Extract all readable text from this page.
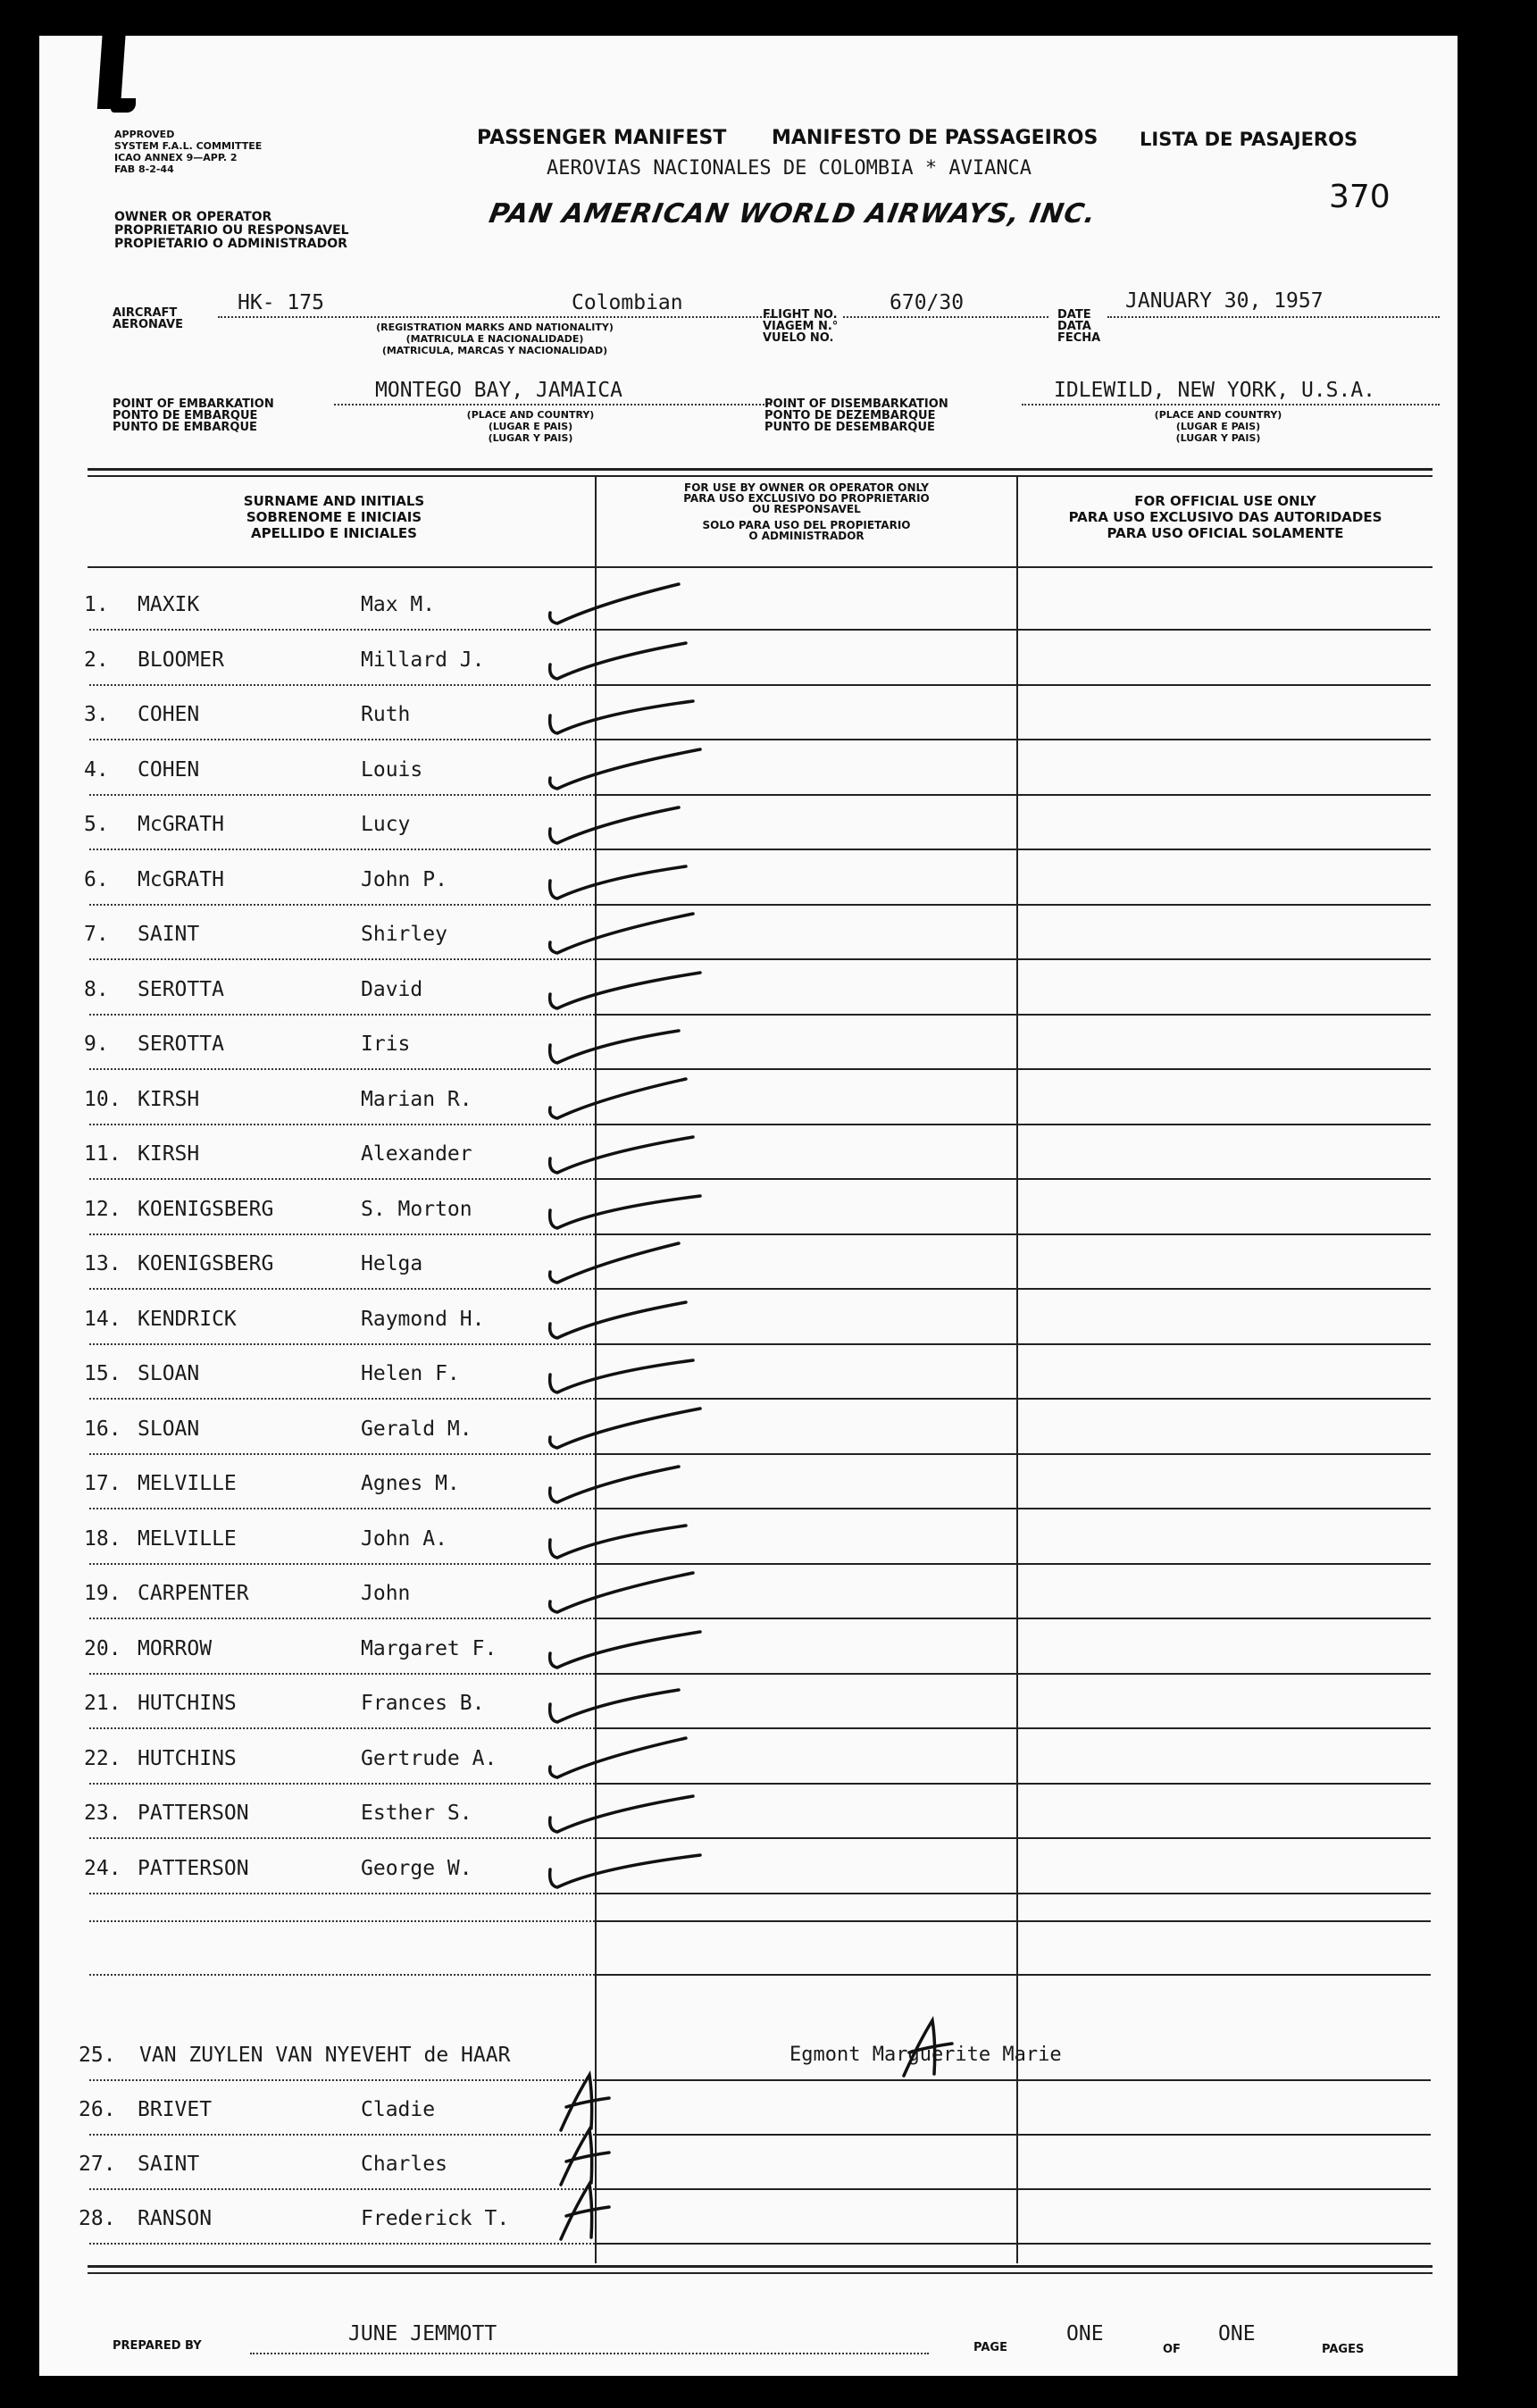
APPROVED
SYSTEM F.A.L. COMMITTEE
ICAO ANNEX 9—APP. 2
FAB 8-2-44
OWNER OR OPERATOR
PROPRIETARIO OU RESPONSAVEL
PROPIETARIO O ADMINISTRADOR
PASSENGER MANIFEST MANIFESTO DE PASSAGEIROS LISTA DE PASAJEROS
AEROVIAS NACIONALES DE COLOMBIA * AVIANCA
PAN AMERICAN WORLD AIRWAYS, INC.	370
AIRCRAFT
AERONAVE
HK- 175	Colombian
(REGISTRATION MARKS AND NATIONALITY)
(MATRICULA E NACIONALIDADE)
(MATRICULA, MARCAS Y NACIONALIDAD)
FLIGHT NO.
VIAGEM N.°
VUELO NO.
670/30
DATE
DATA
FECHA
JANUARY 30, 1957
POINT OF EMBARKATION
PONTO DE EMBARQUE
PUNTO DE EMBARQUE
MONTEGO BAY, JAMAICA
(PLACE AND COUNTRY)
(LUGAR E PAIS)
(LUGAR Y PAIS)
POINT OF DISEMBARKATION
PONTO DE DEZEMBARQUE
PUNTO DE DESEMBARQUE
IDLEWILD, NEW YORK, U.S.A.
(PLACE AND COUNTRY)
(LUGAR E PAIS)
(LUGAR Y PAIS)
SURNAME AND INITIALS
SOBRENOME E INICIAIS
APELLIDO E INICIALES
FOR USE BY OWNER OR OPERATOR ONLY
PARA USO EXCLUSIVO DO PROPRIETARIO
OU RESPONSAVEL
SOLO PARA USO DEL PROPIETARIO
O ADMINISTRADOR
FOR OFFICIAL USE ONLY
PARA USO EXCLUSIVO DAS AUTORIDADES
PARA USO OFICIAL SOLAMENTE
1. MAXIK	Max M.
2. BLOOMER	Millard J.
3. COHEN	Ruth
4. COHEN	Louis
5. McGRATH	Lucy
6. McGRATH	John P.
7. SAINT	Shirley
8. SEROTTA	David
9. SEROTTA	Iris
10. KIRSH	Marian R.
11. KIRSH	Alexander
12. KOENIGSBERG	S. Morton
13. KOENIGSBERG	Helga
14. KENDRICK	Raymond H.
15. SLOAN	Helen F.
16. SLOAN	Gerald M.
17. MELVILLE	Agnes M.
18. MELVILLE	John A.
19. CARPENTER	John
20. MORROW	Margaret F.
21. HUTCHINS	Frances B.
22. HUTCHINS	Gertrude A.
23. PATTERSON	Esther S.
24. PATTERSON	George W.
25. VAN ZUYLEN VAN NYEVEHT de HAAR	Egmont Marguerite Marie
26. BRIVET	Cladie
27. SAINT	Charles
28. RANSON	Frederick T.
PREPARED BY
JUNE JEMMOTT
PAGE
ONE
OF
ONE
PAGES
